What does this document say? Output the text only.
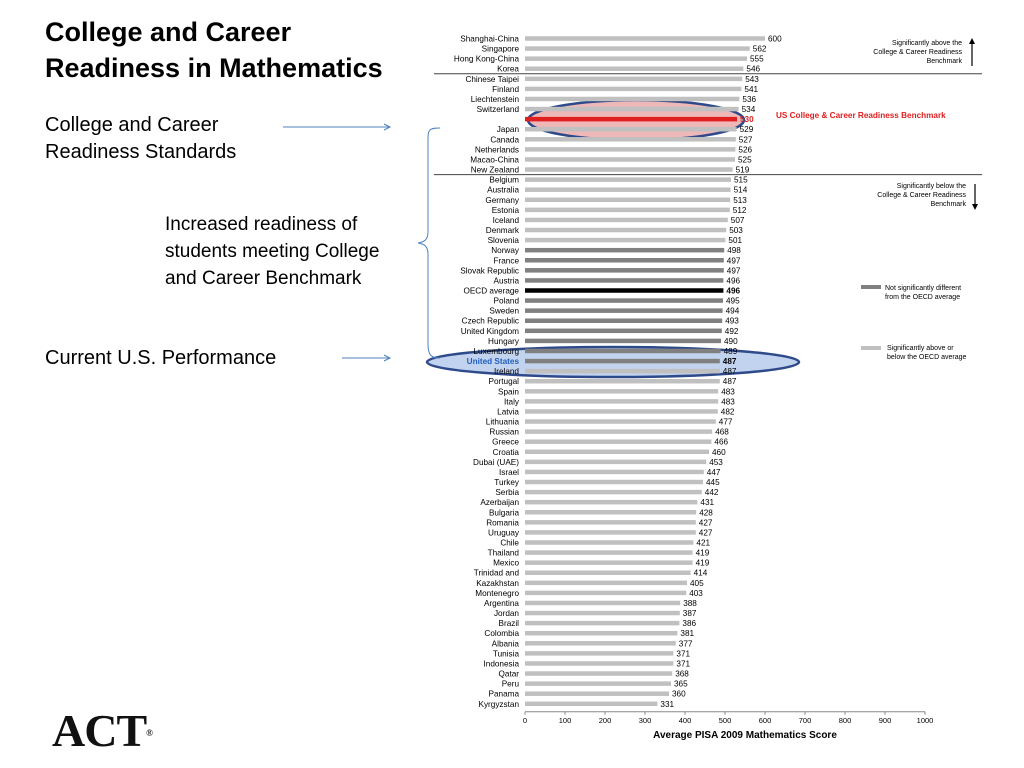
College and Career
Readiness in Mathematics
College and Career
Readiness Standards
Increased readiness of
students meeting College
and Career Benchmark
Current U.S. Performance
Shanghai-China	600
Singapore	562
Hong Kong-China	555
Korea	546
Chinese Taipei	543
Finland	541
Liechtenstein	536
Switzerland	534
530
Japan	529
Canada	527
Netherlands	526
Macao-China	525
New Zealand	519
Belgium	515
Australia	514
Germany	513
Estonia	512
Iceland	507
Denmark	503
Slovenia	501
Norway	498
France	497
Slovak Republic	497
Austria	496
OECD average	496
Poland	495
Sweden	494
Czech Republic	493
United Kingdom	492
Hungary	490
Luxembourg	489
United States	487
Ireland	487
Portugal	487
Spain	483
Italy	483
Latvia	482
Lithuania	477
Russian	468
Greece	466
Croatia	460
Dubai (UAE)	453
Israel	447
Turkey	445
Serbia	442
Azerbaijan	431
Bulgaria	428
Romania	427
Uruguay	427
Chile	421
Thailand	419
Mexico	419
Trinidad and	414
Kazakhstan	405
Montenegro	403
Argentina	388
Jordan	387
Brazil	386
Colombia	381
Albania	377
Tunisia	371
Indonesia	371
Qatar	368
Peru	365
Panama	360
Kyrgyzstan	331
US College & Career Readiness Benchmark
0	100	200	300	400	500	600	700	800	900	1000
Average PISA 2009 Mathematics Score
Significantly above the College & Career Readiness Benchmark
Significantly below the College & Career Readiness Benchmark
Not significantly different from the OECD average
Significantly above or below the OECD average
ACT®
